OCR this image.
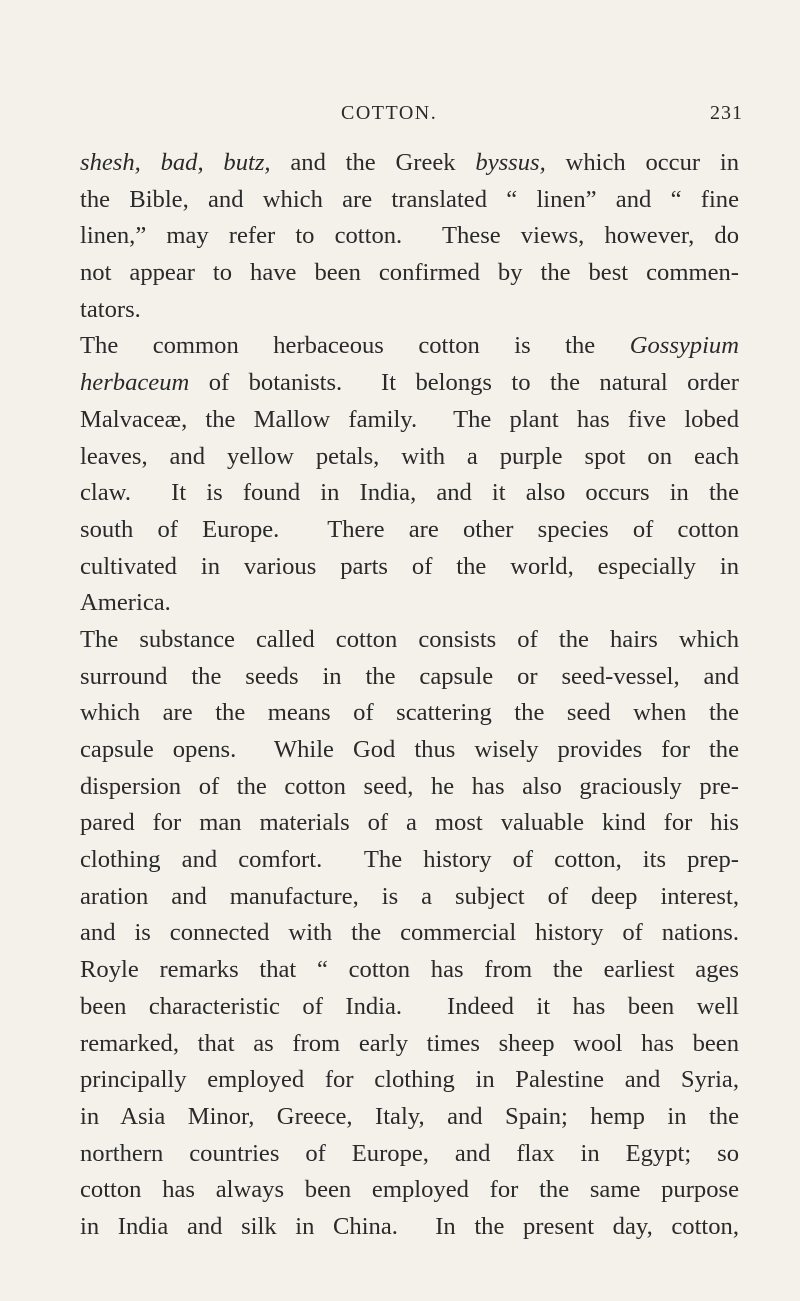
COTTON.	231
shesh, bad, butz, and the Greek byssus, which occur in
the Bible, and which are translated “ linen” and “ fine
linen,” may refer to cotton.  These views, however, do
not appear to have been confirmed by the best commen-
tators.
The common herbaceous cotton is the Gossypium
herbaceum of botanists.  It belongs to the natural order
Malvaceæ, the Mallow family.  The plant has five lobed
leaves, and yellow petals, with a purple spot on each
claw.  It is found in India, and it also occurs in the
south of Europe.  There are other species of cotton
cultivated in various parts of the world, especially in
America.
The substance called cotton consists of the hairs which
surround the seeds in the capsule or seed-vessel, and
which are the means of scattering the seed when the
capsule opens.  While God thus wisely provides for the
dispersion of the cotton seed, he has also graciously pre-
pared for man materials of a most valuable kind for his
clothing and comfort.  The history of cotton, its prep-
aration and manufacture, is a subject of deep interest,
and is connected with the commercial history of nations.
Royle remarks that “ cotton has from the earliest ages
been characteristic of India.  Indeed it has been well
remarked, that as from early times sheep wool has been
principally employed for clothing in Palestine and Syria,
in Asia Minor, Greece, Italy, and Spain; hemp in the
northern countries of Europe, and flax in Egypt; so
cotton has always been employed for the same purpose
in India and silk in China.  In the present day, cotton,
